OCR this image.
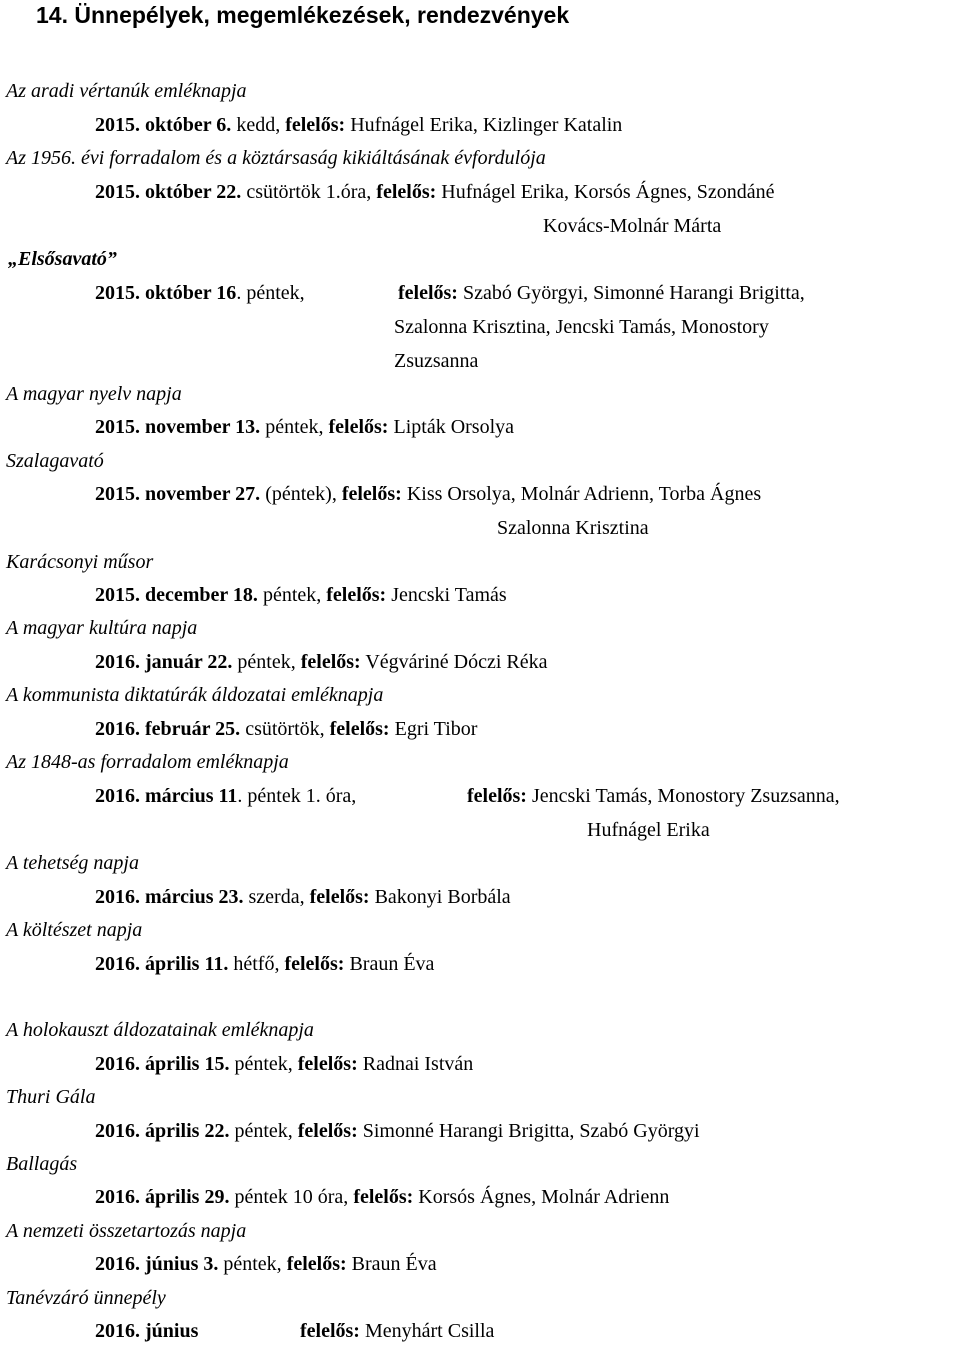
14. Ünnepélyek, megemlékezések, rendezvények
Az aradi vértanúk emléknapja
2015. október 6. kedd, felelős: Hufnágel Erika, Kizlinger Katalin
Az 1956. évi forradalom és a köztársaság kikiáltásának évfordulója
2015. október 22. csütörtök 1.óra, felelős: Hufnágel Erika, Korsós Ágnes, Szondáné
Kovács-Molnár Márta
„Elsősavató”
2015. október 16. péntek,	felelős: Szabó Györgyi, Simonné Harangi Brigitta,
Szalonna Krisztina, Jencski Tamás, Monostory
Zsuzsanna
A magyar nyelv napja
2015. november 13. péntek, felelős: Lipták Orsolya
Szalagavató
2015. november 27. (péntek), felelős: Kiss Orsolya, Molnár Adrienn, Torba Ágnes
Szalonna Krisztina
Karácsonyi műsor
2015. december 18. péntek, felelős: Jencski Tamás
A magyar kultúra napja
2016. január 22. péntek, felelős: Végváriné Dóczi Réka
A kommunista diktatúrák áldozatai emléknapja
2016. február 25. csütörtök, felelős: Egri Tibor
Az 1848-as forradalom emléknapja
2016. március 11. péntek 1. óra,	felelős: Jencski Tamás, Monostory Zsuzsanna,
Hufnágel Erika
A tehetség napja
2016. március 23. szerda, felelős: Bakonyi Borbála
A költészet napja
2016. április 11. hétfő, felelős: Braun Éva
A holokauszt áldozatainak emléknapja
2016. április 15. péntek, felelős: Radnai István
Thuri Gála
2016. április 22. péntek, felelős: Simonné Harangi Brigitta, Szabó Györgyi
Ballagás
2016. április 29. péntek 10 óra, felelős: Korsós Ágnes, Molnár Adrienn
A nemzeti összetartozás napja
2016. június 3. péntek, felelős: Braun Éva
Tanévzáró ünnepély
2016. június	felelős: Menyhárt Csilla
